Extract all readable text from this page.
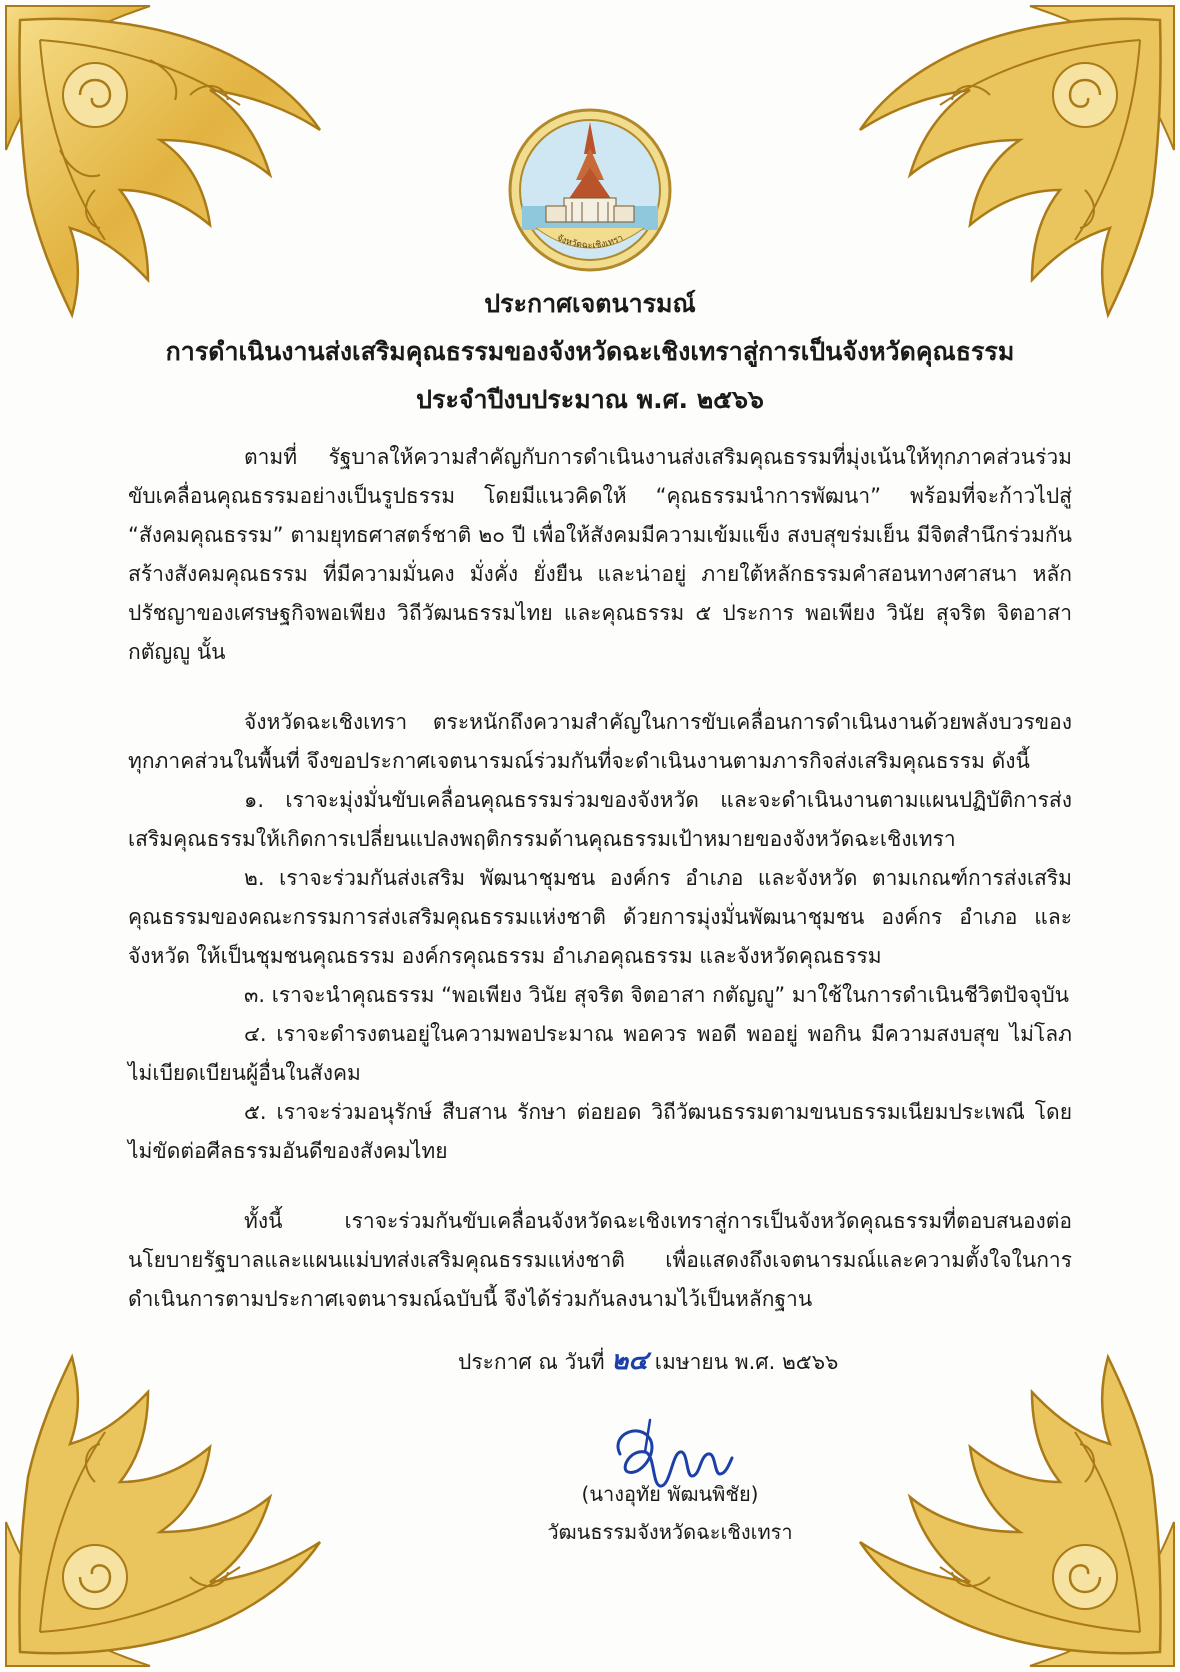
จังหวัดฉะเชิงเทรา

ประกาศเจตนารมณ์

การดำเนินงานส่งเสริมคุณธรรมของจังหวัดฉะเชิงเทราสู่การเป็นจังหวัดคุณธรรม

ประจำปีงบประมาณ พ.ศ. ๒๕๖๖

ตามที่ รัฐบาลให้ความสำคัญกับการดำเนินงานส่งเสริมคุณธรรมที่มุ่งเน้นให้ทุกภาคส่วนร่วมขับเคลื่อนคุณธรรมอย่างเป็นรูปธรรม โดยมีแนวคิดให้ “คุณธรรมนำการพัฒนา” พร้อมที่จะก้าวไปสู่ “สังคมคุณธรรม” ตามยุทธศาสตร์ชาติ ๒๐ ปี เพื่อให้สังคมมีความเข้มแข็ง สงบสุขร่มเย็น มีจิตสำนึกร่วมกันสร้างสังคมคุณธรรม ที่มีความมั่นคง มั่งคั่ง ยั่งยืน และน่าอยู่ ภายใต้หลักธรรมคำสอนทางศาสนา หลักปรัชญาของเศรษฐกิจพอเพียง วิถีวัฒนธรรมไทย และคุณธรรม ๕ ประการ พอเพียง วินัย สุจริต จิตอาสา กตัญญู นั้น

จังหวัดฉะเชิงเทรา ตระหนักถึงความสำคัญในการขับเคลื่อนการดำเนินงานด้วยพลังบวรของทุกภาคส่วนในพื้นที่ จึงขอประกาศเจตนารมณ์ร่วมกันที่จะดำเนินงานตามภารกิจส่งเสริมคุณธรรม ดังนี้

๑. เราจะมุ่งมั่นขับเคลื่อนคุณธรรมร่วมของจังหวัด และจะดำเนินงานตามแผนปฏิบัติการส่งเสริมคุณธรรมให้เกิดการเปลี่ยนแปลงพฤติกรรมด้านคุณธรรมเป้าหมายของจังหวัดฉะเชิงเทรา
๒. เราจะร่วมกันส่งเสริม พัฒนาชุมชน องค์กร อำเภอ และจังหวัด ตามเกณฑ์การส่งเสริมคุณธรรมของคณะกรรมการส่งเสริมคุณธรรมแห่งชาติ ด้วยการมุ่งมั่นพัฒนาชุมชน องค์กร อำเภอ และจังหวัด ให้เป็นชุมชนคุณธรรม องค์กรคุณธรรม อำเภอคุณธรรม และจังหวัดคุณธรรม
๓. เราจะนำคุณธรรม “พอเพียง วินัย สุจริต จิตอาสา กตัญญู” มาใช้ในการดำเนินชีวิตปัจจุบัน
๔. เราจะดำรงตนอยู่ในความพอประมาณ พอควร พอดี พออยู่ พอกิน มีความสงบสุข ไม่โลภ ไม่เบียดเบียนผู้อื่นในสังคม
๕. เราจะร่วมอนุรักษ์ สืบสาน รักษา ต่อยอด วิถีวัฒนธรรมตามขนบธรรมเนียมประเพณี โดยไม่ขัดต่อศีลธรรมอันดีของสังคมไทย

ทั้งนี้ เราจะร่วมกันขับเคลื่อนจังหวัดฉะเชิงเทราสู่การเป็นจังหวัดคุณธรรมที่ตอบสนองต่อนโยบายรัฐบาลและแผนแม่บทส่งเสริมคุณธรรมแห่งชาติ เพื่อแสดงถึงเจตนารมณ์และความตั้งใจในการดำเนินการตามประกาศเจตนารมณ์ฉบับนี้ จึงได้ร่วมกันลงนามไว้เป็นหลักฐาน

ประกาศ ณ วันที่ ๒๔ เมษายน พ.ศ. ๒๕๖๖
(นางอุทัย พัฒนพิชัย)
วัฒนธรรมจังหวัดฉะเชิงเทรา
